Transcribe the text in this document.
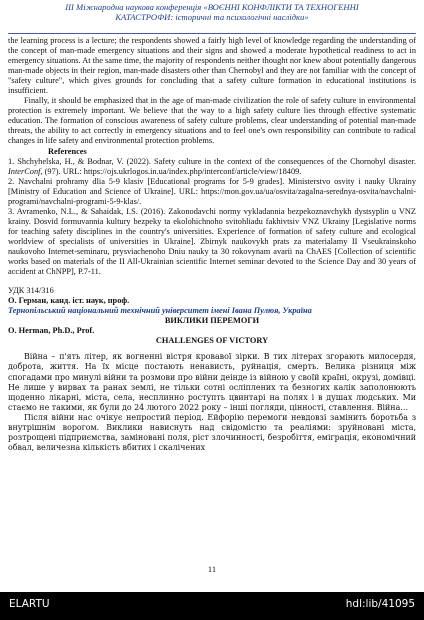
ІІІ Міжнародна наукова конференція «ВОЄННІ КОНФЛІКТИ ТА ТЕХНОГЕННІ
КАТАСТРОФИ: історичні та психологічні наслідки»

the learning process is a lecture; the respondents showed a fairly high level of knowledge regarding the understanding of the concept of man-made emergency situations and their signs and showed a moderate hypothetical readiness to act in emergency situations. At the same time, the majority of respondents neither thought nor knew about potentially dangerous man-made objects in their region, man-made disasters other than Chernobyl and they are not familiar with the concept of "safety culture", which gives grounds for concluding that a safety culture formation in educational institutions is insufficient.

Finally, it should be emphasized that in the age of man-made civilization the role of safety culture in environmental protection is extremely important. We believe that the way to a high safety culture lies through effective systematic education. The formation of conscious awareness of safety culture problems, clear understanding of potential man-made threats, the ability to act correctly in emergency situations and to feel one's own responsibility can contribute to radical changes in life safety and environmental protection problems.

References

1. Shchyhelska, H., & Bodnar, V. (2022). Safety culture in the context of the consequences of the Chornobyl disaster. InterConf, (97). URL: https://ojs.ukrlogos.in.ua/index.php/interconf/article/view/18409.

2. Navchalni prohramy dlia 5-9 klasiv [Educational programs for 5-9 grades]. Ministerstvo osvity i nauky Ukrainy [Ministry of Education and Science of Ukraine]. URL: https://mon.gov.ua/ua/osvita/zagalna-serednya-osvita/navchalni-programi/navchalni-programi-5-9-klas/.

3. Avramenko, N.L., & Sahaidak, I.S. (2016). Zakonodavchi normy vykladannia bezpekoznavchykh dystsyplin u VNZ krainy. Dosvid formuvannia kultury bezpeky ta ekolohichnoho svitohliadu fakhivtsiv VNZ Ukrainy [Legislative norms for teaching safety disciplines in the country's universities. Experience of formation of safety culture and ecological worldview of specialists of universities in Ukraine]. Zbirnyk naukovykh prats za materialamy II Vseukrainskoho naukovoho Internet-seminaru, prysviachenoho Dniu nauky ta 30 rokovynam avarii na ChAES [Collection of scientific works based on materials of the II All-Ukrainian scientific Internet seminar devoted to the Science Day and 30 years of accident at ChNPP], P.7-11.

УДК 314/316

О. Герман, канд. іст. наук, проф.

Тернопільський національний технічний університет імені Івана Пулюя, Україна

ВИКЛИКИ ПЕРЕМОГИ

O. Herman, Ph.D., Prof.

CHALLENGES OF VICTORY

Війна – п'ять літер, як вогненні вістря кровавої зірки. В тих літерах згорають милосердя, доброта, життя. На їх місце постають ненависть, руйнація, смерть. Велика різниця між спогадами про минулі війни та розмови про війни деінде із війною у своїй країні, окрузі, домівці. Не лише у вирвах та ранах землі, не тільки сотні осліплених та безногих калік заполонюють щоденно лікарні, міста, села, несплинно роступть цвинтарі на полях і в душах людських. Ми стаємо не такими, як були до 24 лютого 2022 року – інші погляди, цінності, ставлення. Війна…

Після війни нас очікує непростий період. Ейфорію перемоги невдовзі замінить боротьба з внутрішнім ворогом. Виклики нависнуть над свідомістю та реаліями: зруйновані міста, розтрощені підприємства, заміновані поля, ріст злочинності, безробіття, еміграція, економічний обвал, величезна кількість вбитих і скалічених

11
ELARTU	hdl:lib/41095
